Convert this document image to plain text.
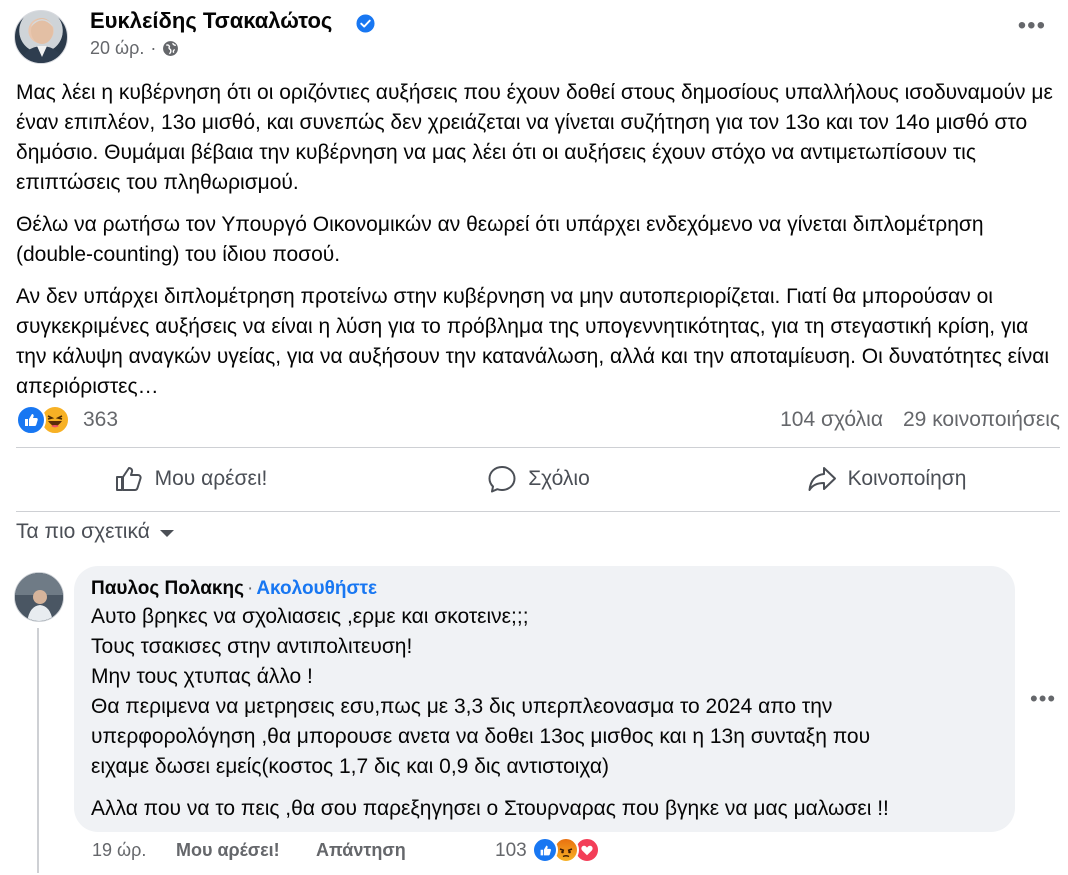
Ευκλείδης Τσακαλώτος
20 ώρ. ·
•••

Μας λέει η κυβέρνηση ότι οι οριζόντιες αυξήσεις που έχουν δοθεί στους δημοσίους υπαλλήλους ισοδυναμούν με έναν επιπλέον, 13ο μισθό, και συνεπώς δεν χρειάζεται να γίνεται συζήτηση για τον 13ο και τον 14ο μισθό στο δημόσιο. Θυμάμαι βέβαια την κυβέρνηση να μας λέει ότι οι αυξήσεις έχουν στόχο να αντιμετωπίσουν τις επιπτώσεις του πληθωρισμού.

Θέλω να ρωτήσω τον Υπουργό Οικονομικών αν θεωρεί ότι υπάρχει ενδεχόμενο να γίνεται διπλομέτρηση (double-counting) του ίδιου ποσού.

Αν δεν υπάρχει διπλομέτρηση προτείνω στην κυβέρνηση να μην αυτοπεριορίζεται. Γιατί θα μπορούσαν οι συγκεκριμένες αυξήσεις να είναι η λύση για το πρόβλημα της υπογεννητικότητας, για τη στεγαστική κρίση, για την κάλυψη αναγκών υγείας, για να αυξήσουν την κατανάλωση, αλλά και την αποταμίευση. Οι δυνατότητες είναι απεριόριστες…

363	104 σχόλια 29 κοινοποιήσεις
Μου αρέσει!	Σχόλιο	Κοινοποίηση
Τα πιο σχετικά
Παυλος Πολακης · Ακολουθήστε
Αυτο βρηκες να σχολιασεις ,ερμε και σκοτεινε;;;
Τους τσακισες στην αντιπολιτευση!
Μην τους χτυπας άλλο !
Θα περιμενα να μετρησεις εσυ,πως με 3,3 δις υπερπλεονασμα το 2024 απο την
υπερφορολόγηση ,θα μπορουσε ανετα να δοθει 13ος μισθος και η 13η συνταξη που
ειχαμε δωσει εμείς(κοστος 1,7 δις και 0,9 δις αντιστοιχα)
Αλλα που να το πεις ,θα σου παρεξηγησει ο Στουρναρας που βγηκε να μας μαλωσει !!
•••
19 ώρ.	Μου αρέσει!	Απάντηση	103
